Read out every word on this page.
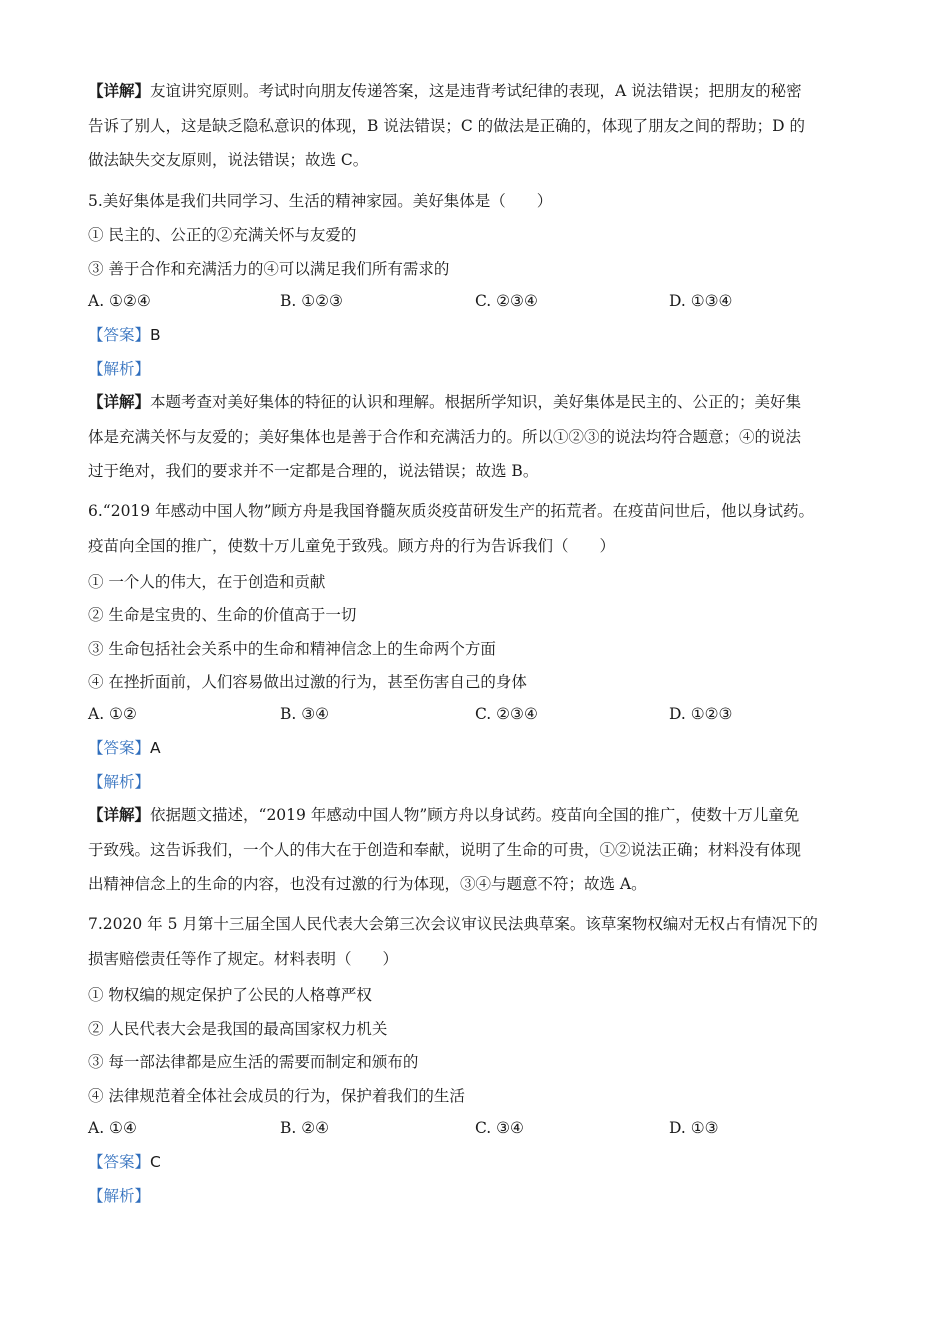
【详解】友谊讲究原则。考试时向朋友传递答案，这是违背考试纪律的表现，A 说法错误；把朋友的秘密
告诉了别人，这是缺乏隐私意识的体现，B 说法错误；C 的做法是正确的，体现了朋友之间的帮助；D 的
做法缺失交友原则，说法错误；故选 C。
5.美好集体是我们共同学习、生活的精神家园。美好集体是（　　）
① 民主的、公正的②充满关怀与友爱的
③ 善于合作和充满活力的④可以满足我们所有需求的
A. ①②④	B. ①②③	C. ②③④	D. ①③④
【答案】B
【解析】
【详解】本题考查对美好集体的特征的认识和理解。根据所学知识，美好集体是民主的、公正的；美好集
体是充满关怀与友爱的；美好集体也是善于合作和充满活力的。所以①②③的说法均符合题意；④的说法
过于绝对，我们的要求并不一定都是合理的，说法错误；故选 B。
6.“2019 年感动中国人物”顾方舟是我国脊髓灰质炎疫苗研发生产的拓荒者。在疫苗问世后，他以身试药。
疫苗向全国的推广，使数十万儿童免于致残。顾方舟的行为告诉我们（　　）
① 一个人的伟大，在于创造和贡献
② 生命是宝贵的、生命的价值高于一切
③ 生命包括社会关系中的生命和精神信念上的生命两个方面
④ 在挫折面前，人们容易做出过激的行为，甚至伤害自己的身体
A. ①②	B. ③④	C. ②③④	D. ①②③
【答案】A
【解析】
【详解】依据题文描述，“2019 年感动中国人物”顾方舟以身试药。疫苗向全国的推广，使数十万儿童免
于致残。这告诉我们，一个人的伟大在于创造和奉献，说明了生命的可贵，①②说法正确；材料没有体现
出精神信念上的生命的内容，也没有过激的行为体现，③④与题意不符；故选 A。
7.2020 年 5 月第十三届全国人民代表大会第三次会议审议民法典草案。该草案物权编对无权占有情况下的
损害赔偿责任等作了规定。材料表明（　　）
① 物权编的规定保护了公民的人格尊严权
② 人民代表大会是我国的最高国家权力机关
③ 每一部法律都是应生活的需要而制定和颁布的
④ 法律规范着全体社会成员的行为，保护着我们的生活
A. ①④	B. ②④	C. ③④	D. ①③
【答案】C
【解析】
